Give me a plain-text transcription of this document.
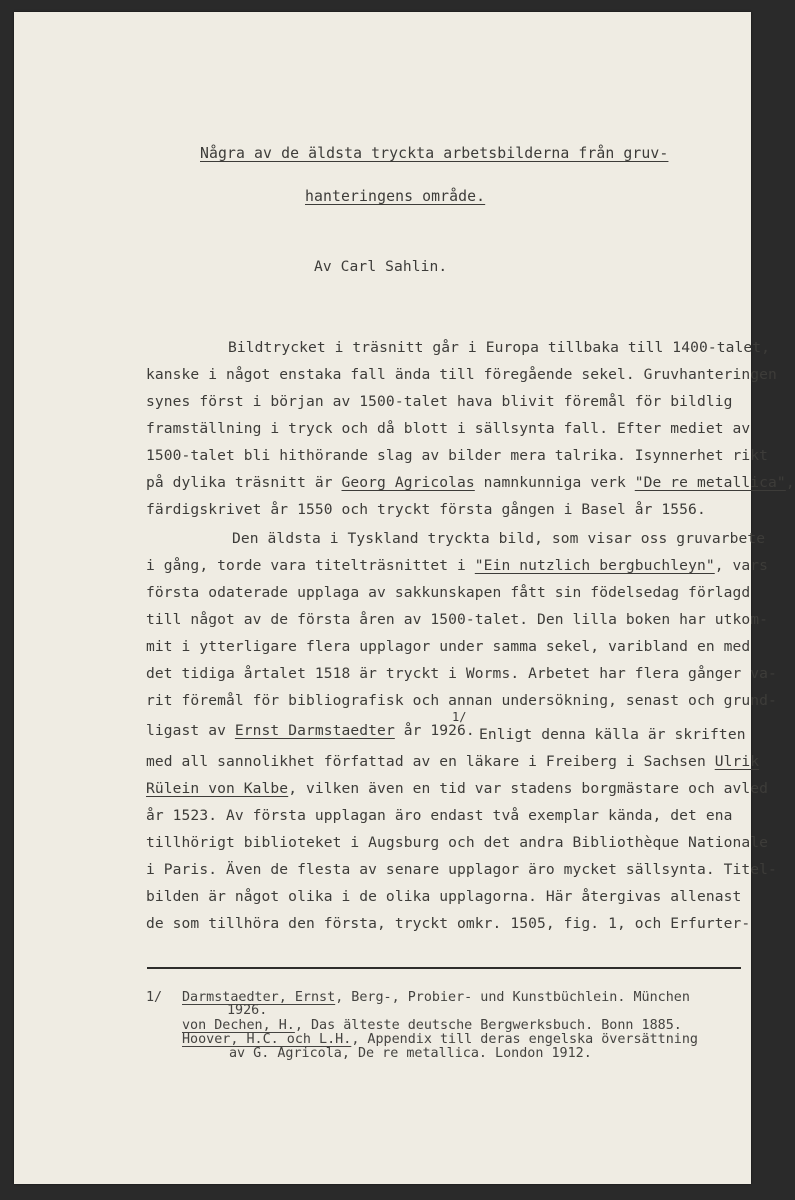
Några av de äldsta tryckta arbetsbilderna från gruv-
hanteringens område.
Av Carl Sahlin.
Bildtrycket i träsnitt går i Europa tillbaka till 1400-talet,
kanske i något enstaka fall ända till föregående sekel. Gruvhanteringen
synes först i början av 1500-talet hava blivit föremål för bildlig
framställning i tryck och då blott i sällsynta fall. Efter mediet av
1500-talet bli hithörande slag av bilder mera talrika. Isynnerhet rikt
på dylika träsnitt är Georg Agricolas namnkunniga verk "De re metallica",
färdigskrivet år 1550 och tryckt första gången i Basel år 1556.
Den äldsta i Tyskland tryckta bild, som visar oss gruvarbete
i gång, torde vara titelträsnittet i "Ein nutzlich bergbuchleyn", vars
första odaterade upplaga av sakkunskapen fått sin födelsedag förlagd
till något av de första åren av 1500-talet. Den lilla boken har utkom-
mit i ytterligare flera upplagor under samma sekel, varibland en med
det tidiga årtalet 1518 är tryckt i Worms. Arbetet har flera gånger va-
rit föremål för bibliografisk och annan undersökning, senast och grund-
ligast av Ernst Darmstaedter år 1926.
1/
Enligt denna källa är skriften
med all sannolikhet författad av en läkare i Freiberg i Sachsen Ulrik
Rülein von Kalbe, vilken även en tid var stadens borgmästare och avled
år 1523. Av första upplagan äro endast två exemplar kända, det ena
tillhörigt biblioteket i Augsburg och det andra Bibliothèque Nationale
i Paris. Även de flesta av senare upplagor äro mycket sällsynta. Titel-
bilden är något olika i de olika upplagorna. Här återgivas allenast
de som tillhöra den första, tryckt omkr. 1505, fig. 1, och Erfurter-
1/ Darmstaedter, Ernst, Berg-, Probier- und Kunstbüchlein. München
1926.
von Dechen, H., Das älteste deutsche Bergwerksbuch. Bonn 1885.
Hoover, H.C. och L.H., Appendix till deras engelska översättning
av G. Agricola, De re metallica. London 1912.
